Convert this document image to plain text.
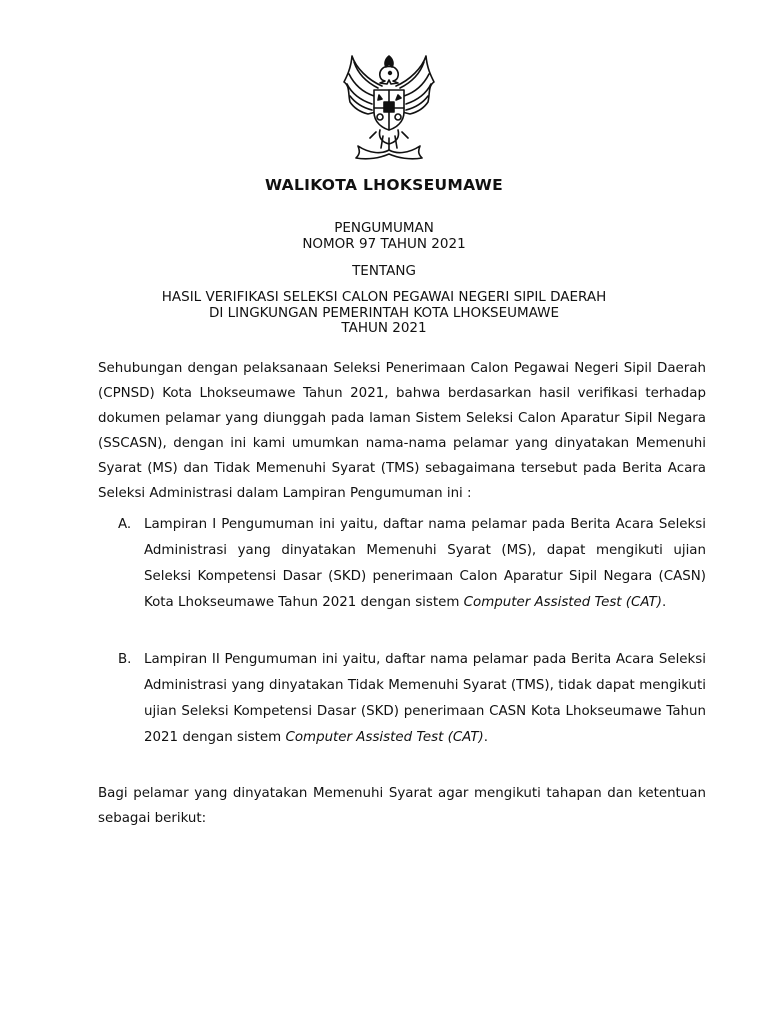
WALIKOTA LHOKSEUMAWE
PENGUMUMAN
NOMOR 97 TAHUN 2021
TENTANG
HASIL VERIFIKASI SELEKSI CALON PEGAWAI NEGERI SIPIL DAERAH
DI LINGKUNGAN PEMERINTAH KOTA LHOKSEUMAWE
TAHUN 2021
Sehubungan dengan pelaksanaan Seleksi Penerimaan Calon Pegawai Negeri Sipil Daerah (CPNSD) Kota Lhokseumawe Tahun 2021, bahwa berdasarkan hasil verifikasi terhadap dokumen pelamar yang diunggah pada laman Sistem Seleksi Calon Aparatur Sipil Negara (SSCASN), dengan ini kami umumkan nama-nama pelamar yang dinyatakan Memenuhi Syarat (MS) dan Tidak Memenuhi Syarat (TMS) sebagaimana tersebut pada Berita Acara Seleksi Administrasi dalam Lampiran Pengumuman ini :
A. Lampiran I Pengumuman ini yaitu, daftar nama pelamar pada Berita Acara Seleksi Administrasi yang dinyatakan Memenuhi Syarat (MS), dapat mengikuti ujian Seleksi Kompetensi Dasar (SKD) penerimaan Calon Aparatur Sipil Negara (CASN) Kota Lhokseumawe Tahun 2021 dengan sistem Computer Assisted Test (CAT).
B. Lampiran II Pengumuman ini yaitu, daftar nama pelamar pada Berita Acara Seleksi Administrasi yang dinyatakan Tidak Memenuhi Syarat (TMS), tidak dapat mengikuti ujian Seleksi Kompetensi Dasar (SKD) penerimaan CASN Kota Lhokseumawe Tahun 2021 dengan sistem Computer Assisted Test (CAT).
Bagi pelamar yang dinyatakan Memenuhi Syarat agar mengikuti tahapan dan ketentuan sebagai berikut:
